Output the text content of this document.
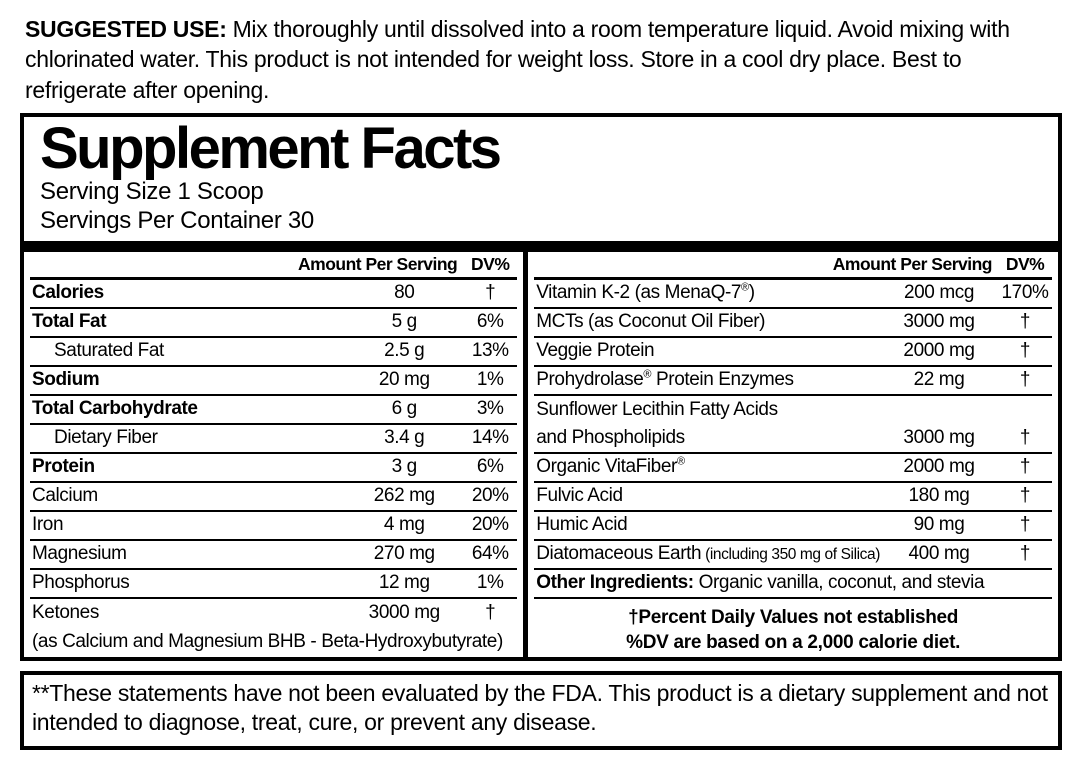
SUGGESTED USE: Mix thoroughly until dissolved into a room temperature liquid. Avoid mixing with chlorinated water. This product is not intended for weight loss. Store in a cool dry place. Best to refrigerate after opening.
Supplement Facts
Serving Size 1 Scoop
Servings Per Container 30
Amount Per Serving DV%
Calories	80	†
Total Fat	5 g	6%
Saturated Fat	2.5 g	13%
Sodium	20 mg	1%
Total Carbohydrate	6 g	3%
Dietary Fiber	3.4 g	14%
Protein	3 g	6%
Calcium	262 mg	20%
Iron	4 mg	20%
Magnesium	270 mg	64%
Phosphorus	12 mg	1%
Ketones	3000 mg	†
(as Calcium and Magnesium BHB - Beta-Hydroxybutyrate)
Amount Per Serving DV%
Vitamin K-2 (as MenaQ-7®)	200 mcg	170%
MCTs (as Coconut Oil Fiber)	3000 mg	†
Veggie Protein	2000 mg	†
Prohydrolase® Protein Enzymes	22 mg	†
Sunflower Lecithin Fatty Acids
and Phospholipids	3000 mg	†
Organic VitaFiber®	2000 mg	†
Fulvic Acid	180 mg	†
Humic Acid	90 mg	†
Diatomaceous Earth (including 350 mg of Silica)	400 mg	†
Other Ingredients: Organic vanilla, coconut, and stevia
†Percent Daily Values not established
%DV are based on a 2,000 calorie diet.
**These statements have not been evaluated by the FDA. This product is a dietary supplement and not intended to diagnose, treat, cure, or prevent any disease.
